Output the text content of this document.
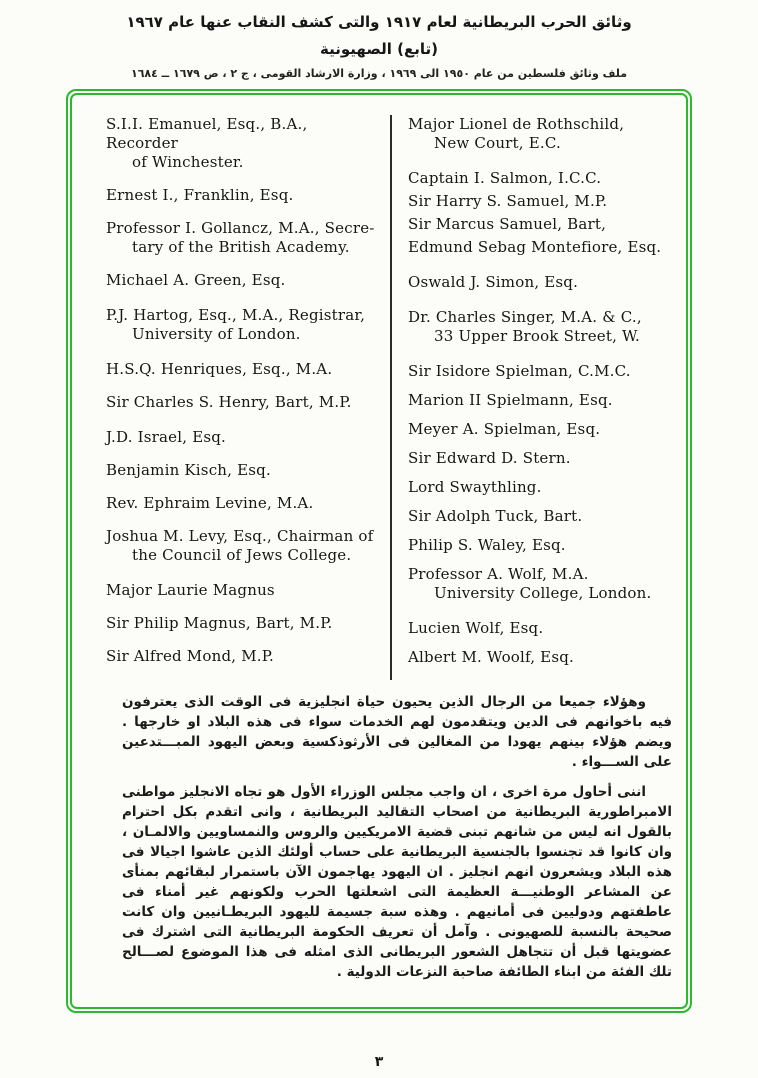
وثائق الحرب البريطانية لعام ١٩١٧ والتى كشف النقاب عنها عام ١٩٦٧
(تابع) الصهيونية
ملف وثائق فلسطين من عام ١٩٥٠ الى ١٩٦٩ ، وزارة الارشاد القومى ، ج ٢ ، ص ١٦٧٩ ــ ١٦٨٤
S.I.I. Emanuel, Esq., B.A., Recorder
of Winchester.
Ernest I., Franklin, Esq.
Professor I. Gollancz, M.A., Secre-
tary of the British Academy.
Michael A. Green, Esq.
P.J. Hartog, Esq., M.A., Registrar,
University of London.
H.S.Q. Henriques, Esq., M.A.
Sir Charles S. Henry, Bart, M.P.
J.D. Israel, Esq.
Benjamin Kisch, Esq.
Rev. Ephraim Levine, M.A.
Joshua M. Levy, Esq., Chairman of
the Council of Jews College.
Major Laurie Magnus
Sir Philip Magnus, Bart, M.P.
Sir Alfred Mond, M.P.
Major Lionel de Rothschild,
New Court, E.C.
Captain I. Salmon, I.C.C.
Sir Harry S. Samuel, M.P.
Sir Marcus Samuel, Bart,
Edmund Sebag Montefiore, Esq.
Oswald J. Simon, Esq.
Dr. Charles Singer, M.A. & C.,
33 Upper Brook Street, W.
Sir Isidore Spielman, C.M.C.
Marion II Spielmann, Esq.
Meyer A. Spielman, Esq.
Sir Edward D. Stern.
Lord Swaythling.
Sir Adolph Tuck, Bart.
Philip S. Waley, Esq.
Professor A. Wolf, M.A.
University College, London.
Lucien Wolf, Esq.
Albert M. Woolf, Esq.

وهؤلاء جميعا من الرجال الذين يحيون حياة انجليزية فى الوقت الذى يعترفون فيه باخوانهم فى الدين ويتقدمون لهم الخدمات سواء فى هذه البلاد او خارجها . ويضم هؤلاء بينهم يهودا من المغالين فى الأرثوذكسية وبعض اليهود المبـــتدعين على الســـواء .

اننى أحاول مرة اخرى ، ان واجب مجلس الوزراء الأول هو تجاه الانجليز مواطنى الامبراطورية البريطانية من اصحاب التقاليد البريطانية ، وانى اتقدم بكل احترام بالقول انه ليس من شانهم تبنى قضية الامريكيين والروس والنمساويين والالمـان ، وان كانوا قد تجنسوا بالجنسية البريطانية على حساب أولئك الذين عاشوا اجيالا فى هذه البلاد ويشعرون انهم انجليز . ان اليهود يهاجمون الآن باستمرار لبقائهم بمنأى عن المشاعر الوطنيـــة العظيمة التى اشعلتها الحرب ولكونهم غير أمناء فى عاطفتهم ودوليين فى أمانيهم . وهذه سبة جسيمة لليهود البريطـانيين وان كانت صحيحة بالنسبة للصهيونى . وآمل أن تعريف الحكومة البريطانية التى اشترك فى عضويتها قبل أن تتجاهل الشعور البريطانى الذى امثله فى هذا الموضوع لصـــالح تلك الفئة من ابناء الطائفة صاحبة النزعات الدولية .

٣
